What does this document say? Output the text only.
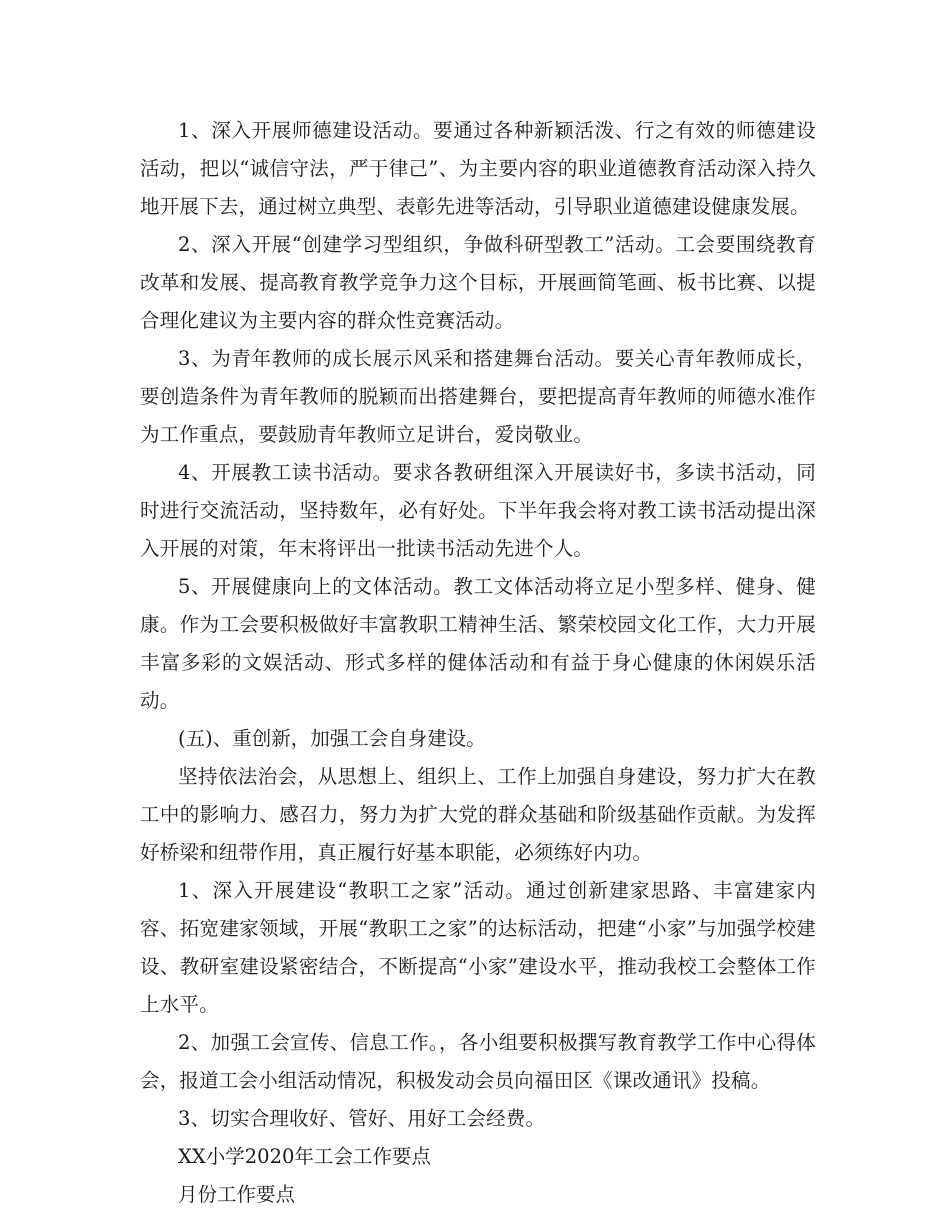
1、深入开展师德建设活动。要通过各种新颖活泼、行之有效的师德建设活动，把以“诚信守法，严于律己”、为主要内容的职业道德教育活动深入持久地开展下去，通过树立典型、表彰先进等活动，引导职业道德建设健康发展。

2、深入开展“创建学习型组织，争做科研型教工”活动。工会要围绕教育改革和发展、提高教育教学竞争力这个目标，开展画简笔画、板书比赛、以提合理化建议为主要内容的群众性竞赛活动。

3、为青年教师的成长展示风采和搭建舞台活动。要关心青年教师成长，要创造条件为青年教师的脱颖而出搭建舞台，要把提高青年教师的师德水准作为工作重点，要鼓励青年教师立足讲台，爱岗敬业。

4、开展教工读书活动。要求各教研组深入开展读好书，多读书活动，同时进行交流活动，坚持数年，必有好处。下半年我会将对教工读书活动提出深入开展的对策，年末将评出一批读书活动先进个人。

5、开展健康向上的文体活动。教工文体活动将立足小型多样、健身、健康。作为工会要积极做好丰富教职工精神生活、繁荣校园文化工作，大力开展丰富多彩的文娱活动、形式多样的健体活动和有益于身心健康的休闲娱乐活动。

(五)、重创新，加强工会自身建设。

坚持依法治会，从思想上、组织上、工作上加强自身建设，努力扩大在教工中的影响力、感召力，努力为扩大党的群众基础和阶级基础作贡献。为发挥好桥梁和纽带作用，真正履行好基本职能，必须练好内功。

1、深入开展建设“教职工之家”活动。通过创新建家思路、丰富建家内容、拓宽建家领域，开展“教职工之家”的达标活动，把建“小家”与加强学校建设、教研室建设紧密结合，不断提高“小家”建设水平，推动我校工会整体工作上水平。

2、加强工会宣传、信息工作。，各小组要积极撰写教育教学工作中心得体会，报道工会小组活动情况，积极发动会员向福田区《课改通讯》投稿。

3、切实合理收好、管好、用好工会经费。

XX小学2020年工会工作要点

月份工作要点
